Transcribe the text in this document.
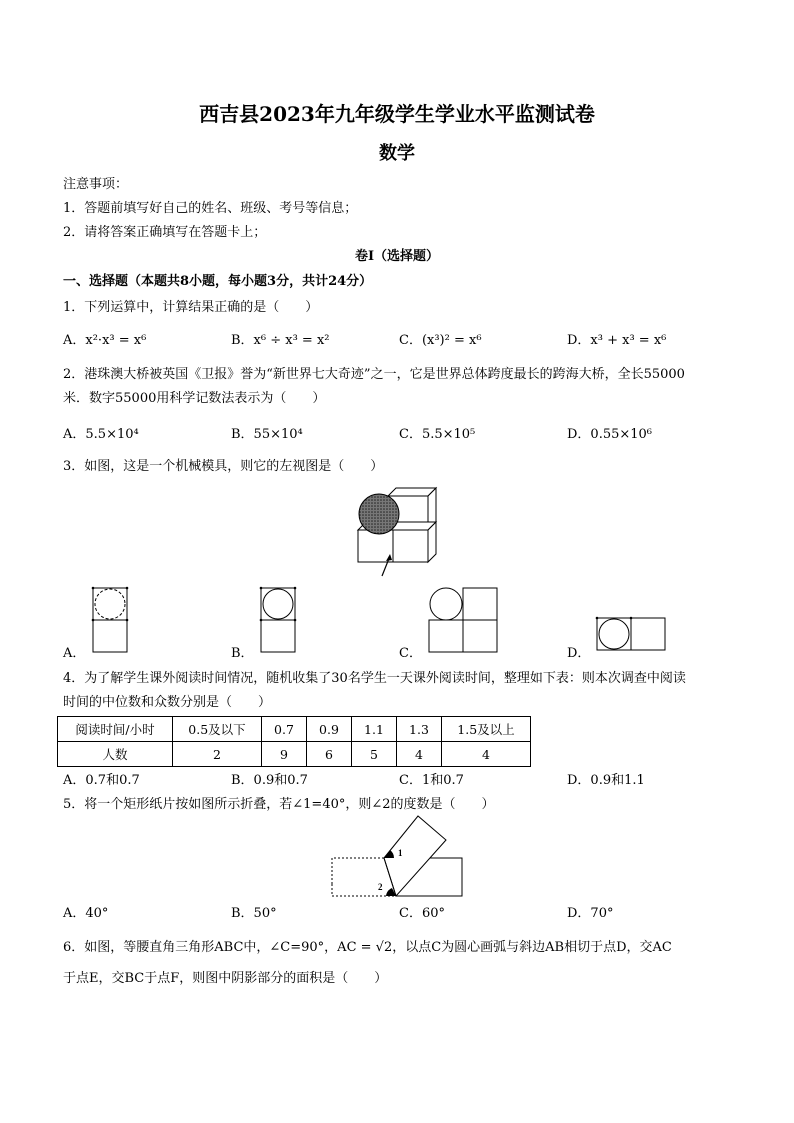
西吉县2023年九年级学生学业水平监测试卷
数学
注意事项：
1．答题前填写好自己的姓名、班级、考号等信息；
2．请将答案正确填写在答题卡上；
卷Ⅰ（选择题）
一、选择题（本题共8小题，每小题3分，共计24分）
1．下列运算中，计算结果正确的是（　　）
A．x²·x³ = x⁶	B．x⁶ ÷ x³ = x²	C．(x³)² = x⁶	D．x³ + x³ = x⁶
2．港珠澳大桥被英国《卫报》誉为“新世界七大奇迹”之一，它是世界总体跨度最长的跨海大桥，全长55000
米．数字55000用科学记数法表示为（　　）
A．5.5×10⁴	B．55×10⁴	C．5.5×10⁵	D．0.55×10⁶
3．如图，这是一个机械模具，则它的左视图是（　　）
A．	B．	C．	D．
4．为了解学生课外阅读时间情况，随机收集了30名学生一天课外阅读时间，整理如下表：则本次调查中阅读
时间的中位数和众数分别是（　　）
阅读时间/小时	0.5及以下	0.7	0.9	1.1	1.3	1.5及以上
人数	2	9	6	5	4	4
A．0.7和0.7	B．0.9和0.7	C．1和0.7	D．0.9和1.1
5．将一个矩形纸片按如图所示折叠，若∠1=40°，则∠2的度数是（　　）
1
2
A．40°	B．50°	C．60°	D．70°
6．如图，等腰直角三角形ABC中，∠C=90°，AC = √2，以点C为圆心画弧与斜边AB相切于点D，交AC
于点E，交BC于点F，则图中阴影部分的面积是（　　）
